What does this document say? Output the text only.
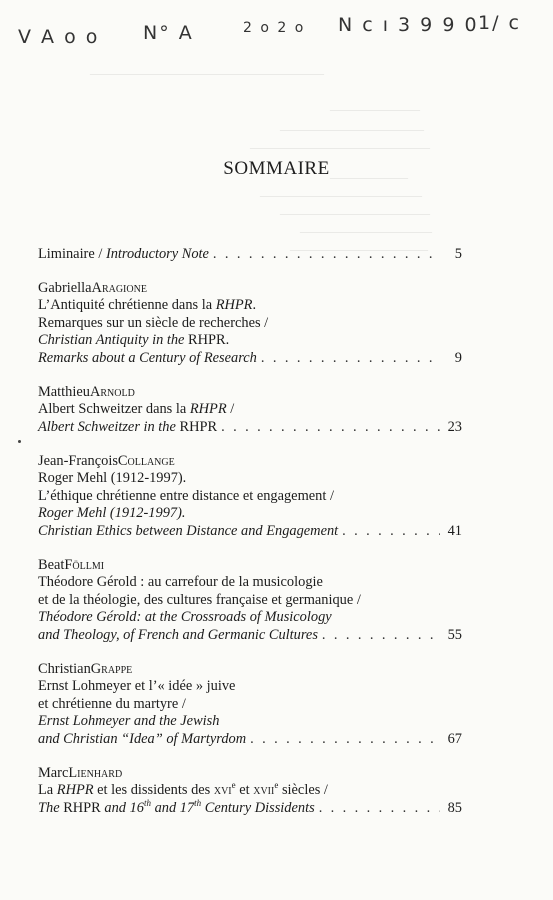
_______________________________________
_______________
________________________
______________________________
_____________
___________________________
_________________________
______________________
_______________________
V A o o N° A	2 o 2 o N c ı 3 9 9 0 1/ c
SOMMAIRE
Liminaire / Introductory Note . . .	5
Gabriella Aragione
L’Antiquité chrétienne dans la RHPR.
Remarques sur un siècle de recherches /
Christian Antiquity in the RHPR.
Remarks about a Century of Research . . .	9
Matthieu Arnold
Albert Schweitzer dans la RHPR /
Albert Schweitzer in the RHPR . . .	23
Jean-François Collange
Roger Mehl (1912-1997).
L’éthique chrétienne entre distance et engagement /
Roger Mehl (1912-1997).
Christian Ethics between Distance and Engagement . . .	41
Beat Föllmi
Théodore Gérold : au carrefour de la musicologie
et de la théologie, des cultures française et germanique /
Théodore Gérold: at the Crossroads of Musicology
and Theology, of French and Germanic Cultures . . .	55
Christian Grappe
Ernst Lohmeyer et l’« idée » juive
et chrétienne du martyre /
Ernst Lohmeyer and the Jewish
and Christian “Idea” of Martyrdom . . .	67
Marc Lienhard
La RHPR et les dissidents des xvi$^e$ et xvii$^e$ siècles /
The RHPR and 16th and 17th Century Dissidents . . .	85
